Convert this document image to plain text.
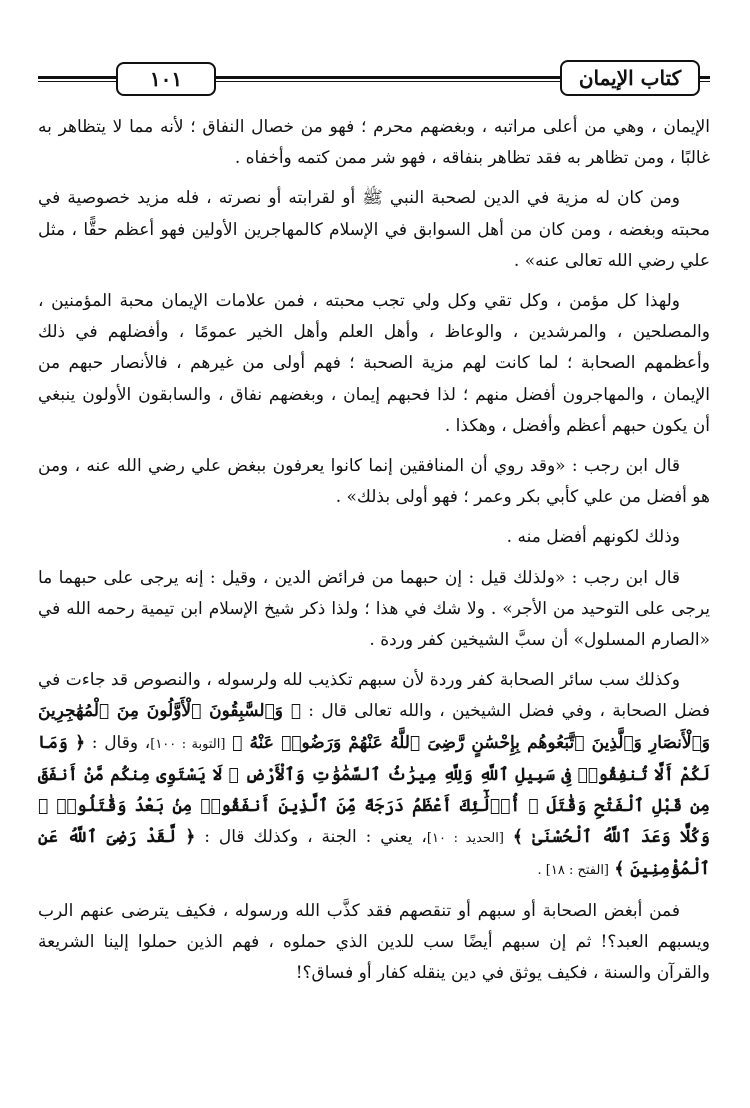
١٠١	كتاب الإيمان

الإيمان ، وهي من أعلى مراتبه ، وبغضهم محرم ؛ فهو من خصال النفاق ؛ لأنه مما لا يتظاهر به غالبًا ، ومن تظاهر به فقد تظاهر بنفاقه ، فهو شر ممن كتمه وأخفاه .

ومن كان له مزية في الدين لصحبة النبي ﷺ أو لقرابته أو نصرته ، فله مزيد خصوصية في محبته وبغضه ، ومن كان من أهل السوابق في الإسلام كالمهاجرين الأولين فهو أعظم حقًّا ، مثل علي رضي الله تعالى عنه» .

ولهذا كل مؤمن ، وكل تقي وكل ولي تجب محبته ، فمن علامات الإيمان محبة المؤمنين ، والمصلحين ، والمرشدين ، والوعاظ ، وأهل العلم وأهل الخير عمومًا ، وأفضلهم في ذلك وأعظمهم الصحابة ؛ لما كانت لهم مزية الصحبة ؛ فهم أولى من غيرهم ، فالأنصار حبهم من الإيمان ، والمهاجرون أفضل منهم ؛ لذا فحبهم إيمان ، وبغضهم نفاق ، والسابقون الأولون ينبغي أن يكون حبهم أعظم وأفضل ، وهكذا .

قال ابن رجب : «وقد روي أن المنافقين إنما كانوا يعرفون ببغض علي رضي الله عنه ، ومن هو أفضل من علي كأبي بكر وعمر ؛ فهو أولى بذلك» .

وذلك لكونهم أفضل منه .

قال ابن رجب : «ولذلك قيل : إن حبهما من فرائض الدين ، وقيل : إنه يرجى على حبهما ما يرجى على التوحيد من الأجر» . ولا شك في هذا ؛ ولذا ذكر شيخ الإسلام ابن تيمية رحمه الله في «الصارم المسلول» أن سبَّ الشيخين كفر وردة .

وكذلك سب سائر الصحابة كفر وردة لأن سبهم تكذيب لله ولرسوله ، والنصوص قد جاءت في فضل الصحابة ، وفي فضل الشيخين ، والله تعالى قال : ﴿ وَٱلسَّٰبِقُونَ ٱلْأَوَّلُونَ مِنَ ٱلْمُهَٰجِرِينَ وَٱلْأَنصَارِ وَٱلَّذِينَ ٱتَّبَعُوهُم بِإِحْسَٰنٍ رَّضِىَ ٱللَّهُ عَنْهُمْ وَرَضُوا۟ عَنْهُ ﴾ [التوبة : ١٠٠]، وقال : ﴿ وَمَا لَكُمْ أَلَّا تُنفِقُوا۟ فِى سَبِيلِ ٱللَّهِ وَلِلَّهِ مِيرَٰثُ ٱلسَّمَٰوَٰتِ وَٱلْأَرْضِ ۚ لَا يَسْتَوِى مِنكُم مَّنْ أَنفَقَ مِن قَبْلِ ٱلْفَتْحِ وَقَٰتَلَ ۚ أُو۟لَٰٓئِكَ أَعْظَمُ دَرَجَةً مِّنَ ٱلَّذِينَ أَنفَقُوا۟ مِنۢ بَعْدُ وَقَٰتَلُوا۟ ۚ وَكُلًّا وَعَدَ ٱللَّهُ ٱلْحُسْنَىٰ ﴾ [الحديد : ١٠]، يعني : الجنة ، وكذلك قال : ﴿ لَّقَدْ رَضِىَ ٱللَّهُ عَنِ ٱلْمُؤْمِنِينَ ﴾ [الفتح : ١٨] .

فمن أبغض الصحابة أو سبهم أو تنقصهم فقد كذَّب الله ورسوله ، فكيف يترضى عنهم الرب ويسبهم العبد؟! ثم إن سبهم أيضًا سب للدين الذي حملوه ، فهم الذين حملوا إلينا الشريعة والقرآن والسنة ، فكيف يوثق في دين ينقله كفار أو فساق؟!
